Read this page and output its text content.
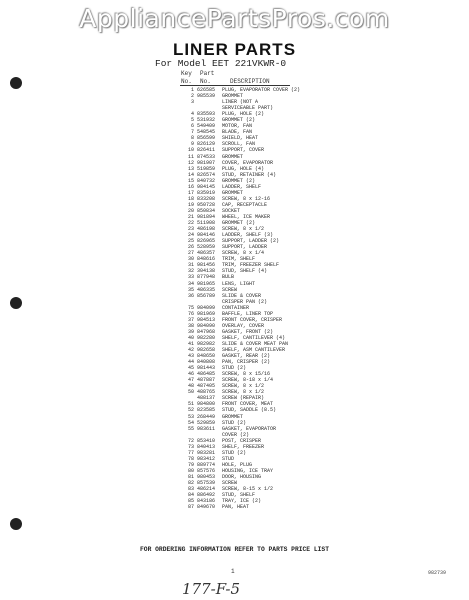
AppliancePartsPros.com
LINER PARTS
For Model EET 221VKWR-0
Key
No.
Part
No.	DESCRIPTION
1 626585 PLUG, EVAPORATOR COVER (2)
2 985539 GROMMET
3	LINER (NOT A
SERVICEABLE PART)
4 835593 PLUG, HOLE (2)
5 531932 GROMMET (2)
6 549409 MOTOR, FAN
7 548545 BLADE, FAN
8 856599 SHIELD, HEAT
9 826129 SCROLL, FAN
10 826411 SUPPORT, COVER
11 874533 GROMMET
12 981907 COVER, EVAPORATOR
13 519859 PLUG, HOLE (4)
14 826574 STUD, RETAINER (4)
15 840732 GROMMET (2)
16 984145 LADDER, SHELF
17 835919 GROMMET
18 833208 SCREW, 8 x 12-16
19 950728 CAP, RECEPTACLE
20 850834 SOCKET
21 981894 WHEEL, ICE MAKER
22 511908 GROMMET (2)
23 486198 SCREW, 8 x 1/2
24 984146 LADDER, SHELF (3)
25 826965 SUPPORT, LADDER (2)
26 528959 SUPPORT, LADDER
27 486357 SCREW, 8 x 1/4
30 848616 TRIM, SHELF
31 981456 TRIM, FREEZER SHELF
32 304138 STUD, SHELF (4)
33 877948 BULB
34 981965 LENS, LIGHT
35 486335 SCREW
36 856789 SLIDE & COVER
CRISPER PAN (2)
75 984099 CONTAINER
76 981969 BAFFLE, LINER TOP
37 984513 FRONT COVER, CRISPER
38 984090 OVERLAY, COVER
39 847968 GASKET, FRONT (2)
40 982280 SHELF, CANTILEVER (4)
41 982982 SLIDE & COVER MEAT PAN
42 982658 SHELF, ASM CANTILEVER
43 848650 GASKET, REAR (2)
44 840808 PAN, CRISPER (2)
45 981443 STUD (2)
46 486485 SCREW, 8 x 15/16
47 487887 SCREW, 8-18 x 1/4
48 487405 SCREW, 8 x 1/2
50 488765 SCREW, 8 x 1/2
488137 SCREW (REPAIR)
51 984800 FRONT COVER, MEAT
52 823585 STUD, SADDLE (8.5)
53 268449 GROMMET
54 529859 STUD (2)
55 983611 GASKET, EVAPORATOR
COVER (2)
72 853410 POST, CRISPER
73 840413 SHELF, FREEZER
77 983281 STUD (2)
78 983412 STUD
79 889774 HOLE, PLUG
80 857576 HOUSING, ICE TRAY
81 980453 DOOR, HOUSING
82 857539 SCREW
83 486214 SCREW, 8-15 x 1/2
84 886492 STUD, SHELF
85 843186 TRAY, ICE (2)
87 849670 PAN, HEAT
FOR ORDERING INFORMATION REFER TO PARTS PRICE LIST
1	982739
177-F-5
